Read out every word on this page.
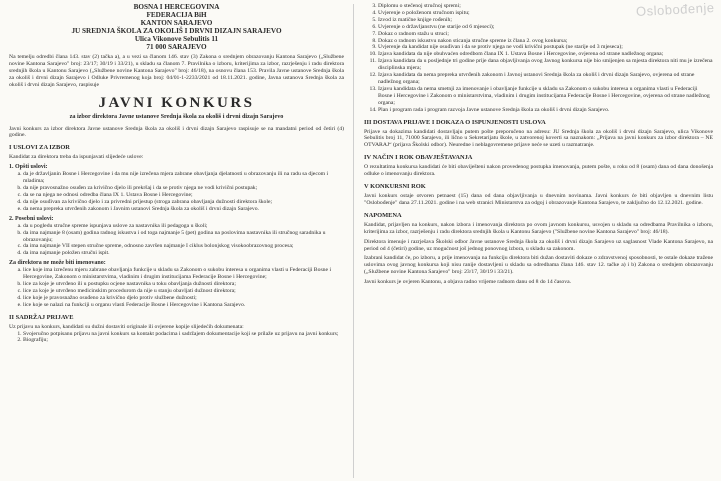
Oslobođenje
BOSNA I HERCEGOVINA
FEDERACIJA BiH
KANTON SARAJEVO
JU SREDNJA ŠKOLA ZA OKOLIŠ I DRVNI DIZAJN SARAJEVO
Ulica Vikonove Sebulitis 11
71 000 SARAJEVO

Na temelju odredbi člana 143. stav (2) tačka a), a u vezi sa članom 146. stav (3) Zakona o srednjem obrazovanju Kantona Sarajevo („Službene novine Kantona Sarajevo" broj: 23/17; 30/19 i 33/21), u skladu sa članom 7. Pravilnika o izboru, kriterijima za izbor, razrješenju i radu direktora srednjih škola u Kantonu Sarajevo („Službene novine Kantona Sarajevo" broj: 46/18), na osnovu člana 153. Pravila Javne ustanove Srednja škola za okoliš i drvni dizajn Sarajevo i Odluke Privremenog koja broj: 04/01-1-2233/2021 od 18.11.2021. godine, Javna ustanova Srednja škola za okoliš i drvni dizajn Sarajevo, raspisuje

JAVNI KONKURS
za izbor direktora Javne ustanove Srednja škola za okoliš i drvni dizajn Sarajevo

Javni konkurs za izbor direktora Javne ustanove Srednja škola za okoliš i drvni dizajn Sarajevo raspisuje se na mandatni period od četiri (4) godine.

I USLOVI ZA IZBOR

Kandidat za direktora treba da ispunjavati slijedeće uslove:

1. Opšti uslovi:
a. da je državljanin Bosne i Hercegovine i da mu nije izrečena mjera zabrane obavljanja djelatnosti u obrazovanju ili na radu sa djecom i mladima;
b. da nije pravosnažno osuđen za krivično djelo ili prekršaj i da se protiv njega ne vodi krivični postupak;
c. da se na njega ne odnosi odredba člana IX 1. Ustava Bosne i Hercegovine;
d. da nije osuđivan za krivično djelo i za privredni prijestup (stroga zabrana obavljanja dužnosti direktora škole;
e. da nema prepreka utvrđenih zakonom i Javnim ustanovi Srednja škola za okoliš i drvni dizajn Sarajevo.
2. Posebni uslovi:
a. da u pogledu stručne spreme ispunjava uslove za nastavnika ili pedagoga u školi;
b. da ima najmanje 8 (osam) godina radnog iskustva i od toga najmanje 5 (pet) godina na poslovima nastavnika ili stručnog saradnika u obrazovanju;
c. da ima najmanje VII stepen stručne spreme, odnosno završen najmanje I ciklus bolonjskog visokoobrazovnog procesa;
d. da ima najmanje položen stručni ispit.
Za direktora ne može biti imenovano:
a. lice koje ima izrečenu mjeru zabrane obavljanja funkcije u skladu sa Zakonom o sukobu interesa u organima vlasti u Federaciji Bosne i Hercegovine, Zakonom o ministarstvima, vladinim i drugim institucijama Federacije Bosne i Hercegovine;
b. lice za koje je utvrđeno ili u postupku ocjene nastavnika u toku obavljanja dužnosti direktora;
c. lice za koje je utvrđeno medicinskim procedurom da nije u stanju obavljati dužnost direktora;
d. lice koje je pravosnažno osuđeno za krivično djelo protiv službene dužnosti;
e. lice koje se nalazi na funkciji u organu vlasti Federacije Bosne i Hercegovine i Kantona Sarajevo.
II SADRŽAJ PRIJAVE

Uz prijavu na konkurs, kandidati su dužni dostaviti originale ili ovjerene kopije slijedećih dokumenata:

1. Svojeručno potpisanu prijavu na javni konkurs sa kontakt podacima i sadržajem dokumentacije koji se prilaže uz prijavu na javni konkurs;
2. Biografiju;
3. Diplomu o stečenoj stručnoj spremi;
4. Uvjerenje o položenom stručnom ispitu;
5. Izvod iz matične knjige rođenih;
6. Uvjerenje o državljanstvu (ne starije od 6 mjeseci);
7. Dokaz o radnom stažu u struci;
8. Dokaz o radnom iskustvu nakon sticanja stručne spreme iz člana 2. ovog konkursa;
9. Uvjerenje da kandidat nije osuđivan i da se protiv njega ne vodi krivični postupak (ne starije od 3 mjeseca);
10. Izjava kandidata da nije obuhvaćen odredbom člana IX 1. Ustava Bosne i Hercegovine, ovjerena od strane nadležnog organa;
11. Izjava kandidata da u posljednje tri godine prije dana objavljivanja ovog Javnog konkursa nije bio smijenjen sa mjesta direktora niti mu je izrečena disciplinska mjera;
12. Izjava kandidata da nema prepreka utvrđenih zakonom i Javnoj ustanovi Srednja škola za okoliš i drvni dizajn Sarajevo, ovjerena od strane nadležnog organa;
13. Izjavu kandidata da nema smetnji za imenovanje i obavljanje funkcije u skladu sa Zakonom o sukobu interesa u organima vlasti u Federaciji Bosne i Hercegovine i Zakonom o ministarstvima, vladinim i drugim institucijama Federacije Bosne i Hercegovine, ovjerena od strane nadležnog organa;
14. Plan i program rada i program razvoja Javne ustanove Srednja škola za okoliš i drvni dizajn Sarajevo.
III DOSTAVA PRIJAVE I DOKAZA O ISPUNJENOSTI USLOVA

Prijave sa dokazima kandidati dostavljaju putem pošte preporučeno na adresu: JU Srednja škola za okoliš i drvni dizajn Sarajevo, ulica Vikonove Sebulitis broj 11, 71000 Sarajevo, ili lično u Sekretarijatu škole, u zatvorenoj koverti sa naznakom: „Prijava na javni konkurs za izbor direktora – NE OTVARAJ“ (prijava Školski odbor). Neuredne i neblagovremene prijave neće se uzeti u razmatranje.

IV NAČIN I ROK OBAVJEŠTAVANJA

O rezultatima konkursa kandidati će biti obaviješteni nakon provedenog postupka imenovanja, putem pošte, u roku od 8 (osam) dana od dana donošenja odluke o imenovanju direktora.

V KONKURSNI ROK

Javni konkurs ostaje otvoren petnaest (15) dana od dana objavljivanja u dnevnim novinama. Javni konkurs će biti objavljen u dnevnim listu "Oslobođenje" dana 27.11.2021. godine i na web stranici Ministarstva za odgoj i obrazovanje Kantona Sarajevo, te zaključno do 12.12.2021. godine.

NAPOMENA

Kandidat, prijavljen na konkurs, nakon izbora i imenovanja direktora po ovom javnom konkursu, usvojen u skladu sa odredbama Pravilnika o izboru, kriterijima za izbor, razrješenju i radu direktora srednjih škola u Kantonu Sarajevo ("Službene novine Kantona Sarajevo" broj: 46/18).

Direktora imenuje i razrješava Školski odbor Javne ustanove Srednja škola za okoliš i drvni dizajn Sarajevo uz saglasnost Vlade Kantona Sarajevo, na period od 4 (četiri) godine, uz mogućnost još jednog ponovnog izbora, u skladu sa zakonom.

Izabrani kandidat će, po izboru, a prije imenovanja na funkciju direktora biti dužan dostaviti dokaze o zdravstvenoj sposobnosti, te ostale dokaze tražene uslovima ovog javnog konkursa koji nisu ranije dostavljeni u skladu sa odredbama člana 146. stav 12. tačke a) i b) Zakona o srednjem obrazovanju („Službene novine Kantona Sarajevo" broj: 23/17, 30/19 i 33/21).

Javni konkurs je ovjeren Kantonu, a objava radno vrijeme radnom danu od 8 do 14 časova.
